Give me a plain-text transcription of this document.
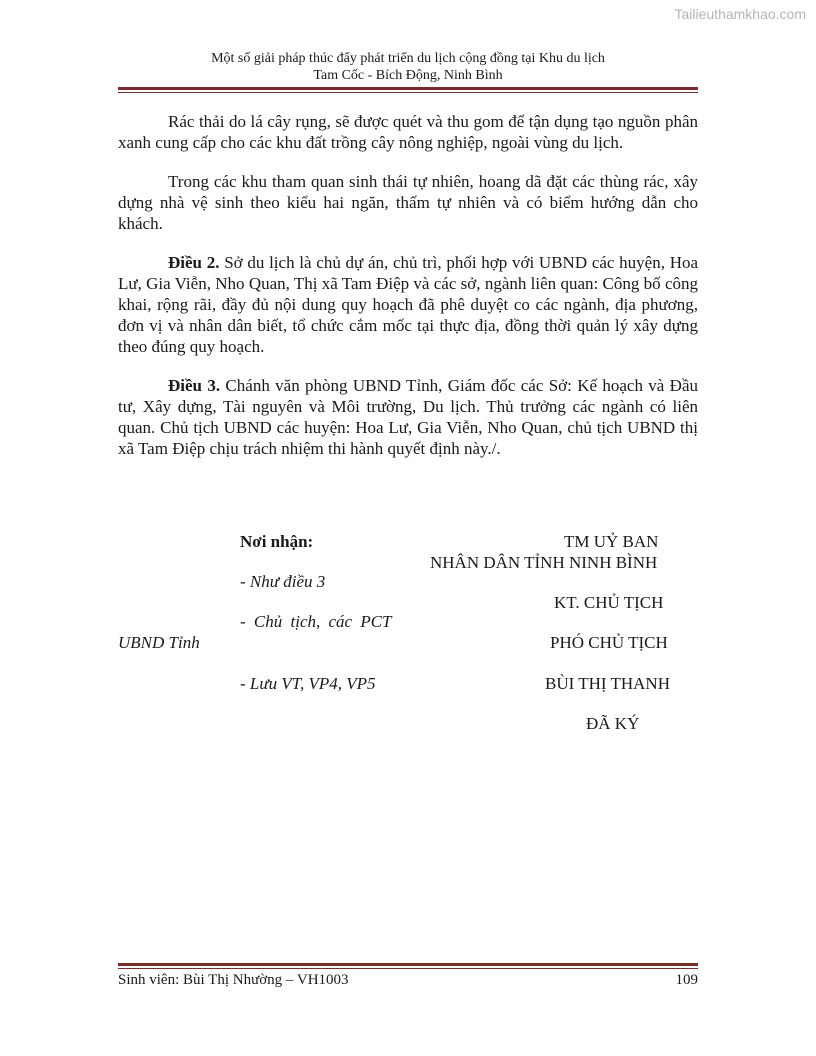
Tailieuthamkhao.com
Một số giải pháp thúc đẩy phát triển du lịch cộng đồng tại Khu du lịch
Tam Cốc - Bích Động, Ninh Bình

Rác thải do lá cây rụng, sẽ được quét và thu gom để tận dụng tạo nguồn phân xanh cung cấp cho các khu đất trồng cây nông nghiệp, ngoài vùng du lịch.

Trong các khu tham quan sinh thái tự nhiên, hoang dã đặt các thùng rác, xây dựng nhà vệ sinh theo kiểu hai ngăn, thấm tự nhiên và có biểm hướng dẫn cho khách.

Điều 2. Sở du lịch là chủ dự án, chủ trì, phối hợp với UBND các huyện, Hoa Lư, Gia Viễn, Nho Quan, Thị xã Tam Điệp và các sở, ngành liên quan: Công bố công khai, rộng rãi, đầy đủ nội dung quy hoạch đã phê duyệt co các ngành, địa phương, đơn vị và nhân dân biết, tổ chức cắm mốc tại thực địa, đồng thời quản lý xây dựng theo đúng quy hoạch.

Điều 3. Chánh văn phòng UBND Tỉnh, Giám đốc các Sở: Kế hoạch và Đầu tư, Xây dựng, Tài nguyên và Môi trường, Du lịch. Thủ trưởng các ngành có liên quan. Chủ tịch UBND các huyện: Hoa Lư, Gia Viễn, Nho Quan, chủ tịch UBND thị xã Tam Điệp chịu trách nhiệm thi hành quyết định này./.

Nơi nhận:
- Như điều 3
- Chủ tịch, các PCT
UBND Tỉnh
- Lưu VT, VP4, VP5
TM UỶ BAN
NHÂN DÂN TỈNH NINH BÌNH
KT. CHỦ TỊCH
PHÓ CHỦ TỊCH
BÙI THỊ THANH
ĐÃ KÝ
Sinh viên: Bùi Thị Nhường – VH1003	109
